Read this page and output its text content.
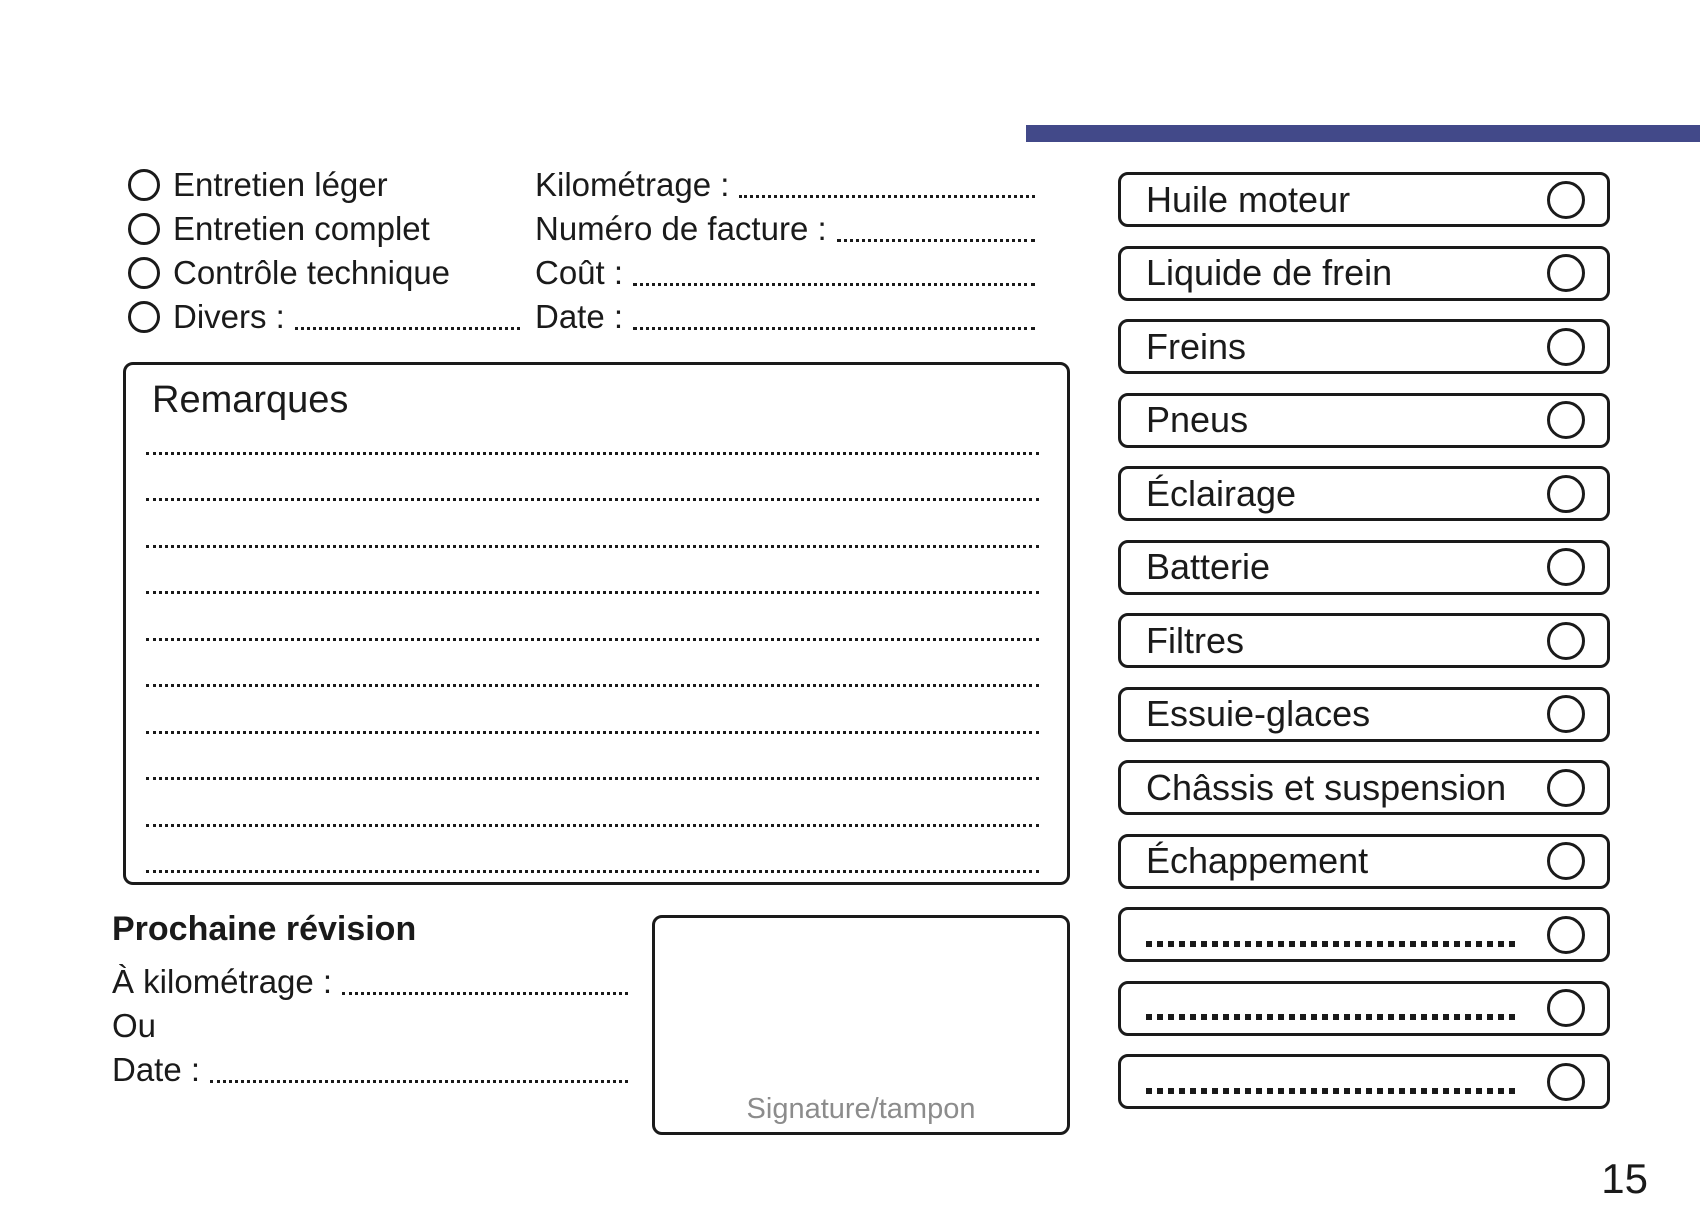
Entretien léger
Entretien complet
Contrôle technique
Divers :
Kilométrage :
Numéro de facture :
Coût :
Date :
Remarques
Prochaine révision
À kilométrage :
Ou
Date :
Signature/tampon
Huile moteur
Liquide de frein
Freins
Pneus
Éclairage
Batterie
Filtres
Essuie-glaces
Châssis et suspension
Échappement
15
